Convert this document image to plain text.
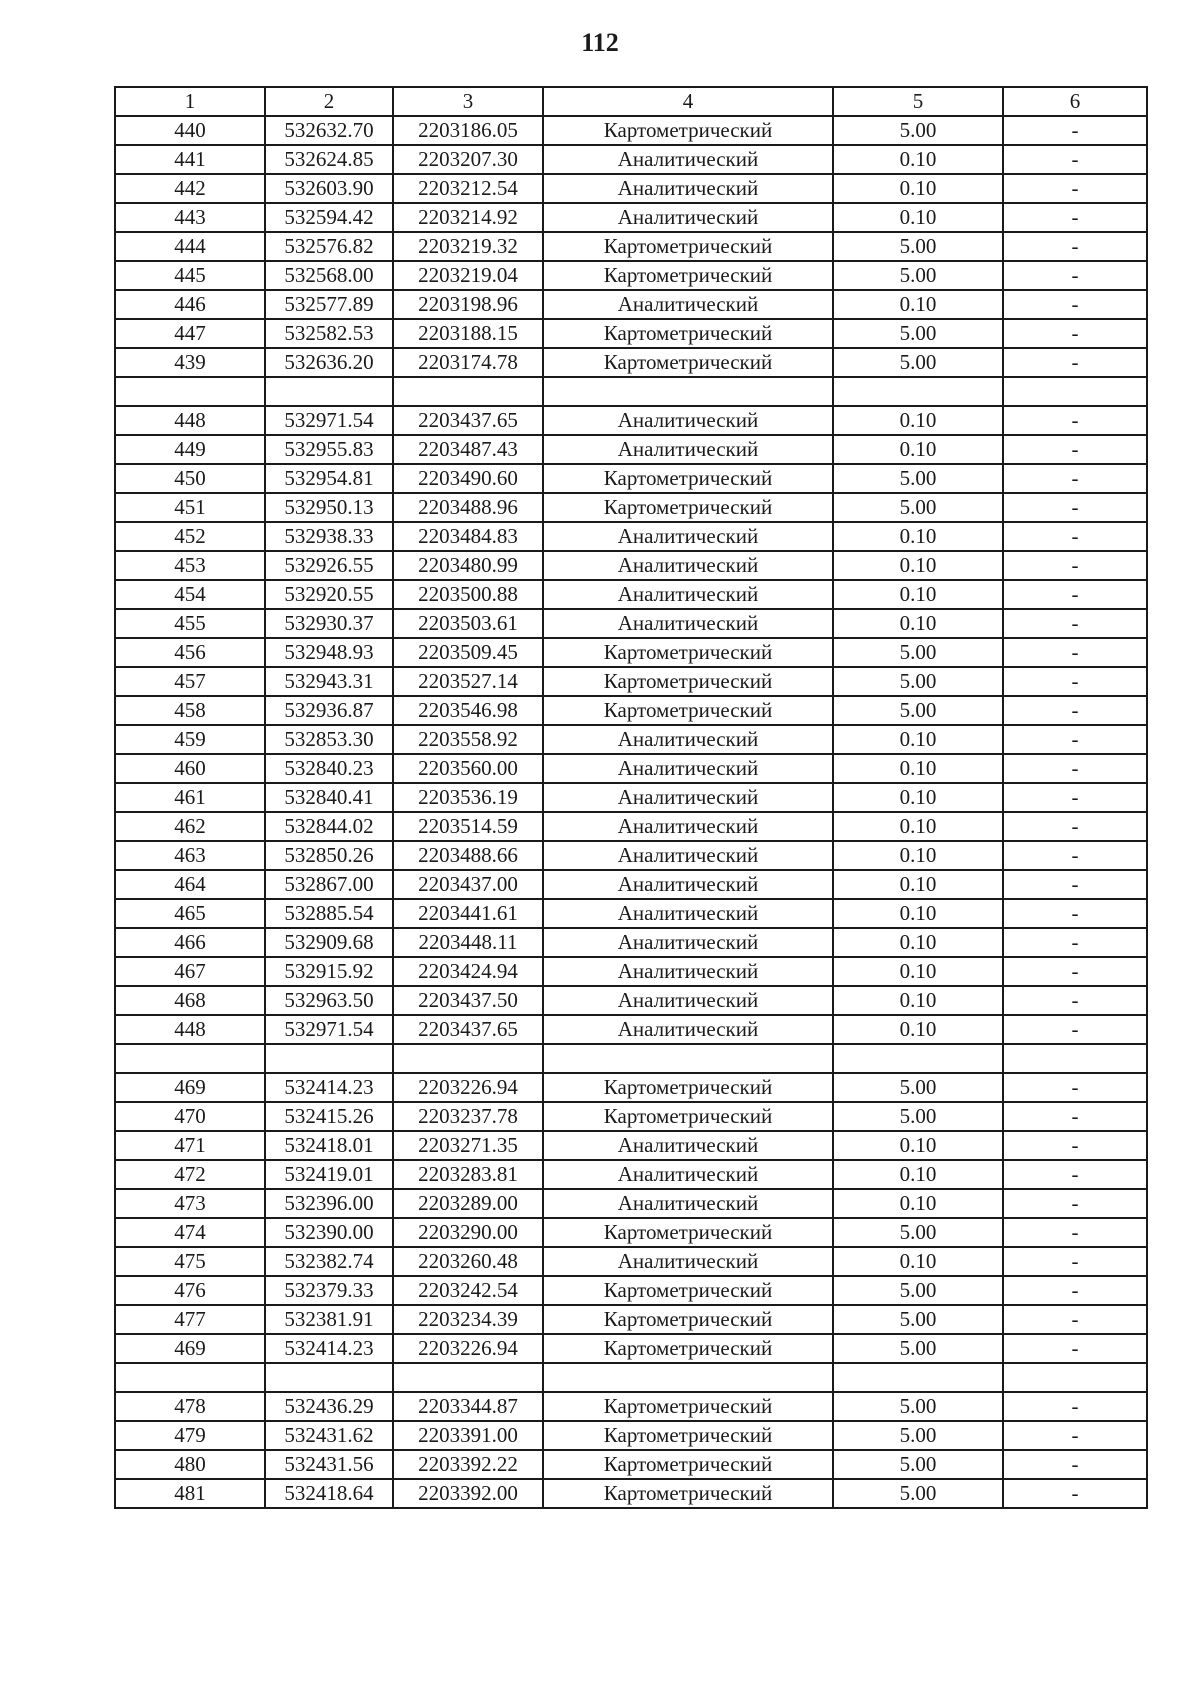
112
1	2	3	4	5	6
440	532632.70	2203186.05	Картометрический	5.00	-
441	532624.85	2203207.30	Аналитический	0.10	-
442	532603.90	2203212.54	Аналитический	0.10	-
443	532594.42	2203214.92	Аналитический	0.10	-
444	532576.82	2203219.32	Картометрический	5.00	-
445	532568.00	2203219.04	Картометрический	5.00	-
446	532577.89	2203198.96	Аналитический	0.10	-
447	532582.53	2203188.15	Картометрический	5.00	-
439	532636.20	2203174.78	Картометрический	5.00	-

448	532971.54	2203437.65	Аналитический	0.10	-
449	532955.83	2203487.43	Аналитический	0.10	-
450	532954.81	2203490.60	Картометрический	5.00	-
451	532950.13	2203488.96	Картометрический	5.00	-
452	532938.33	2203484.83	Аналитический	0.10	-
453	532926.55	2203480.99	Аналитический	0.10	-
454	532920.55	2203500.88	Аналитический	0.10	-
455	532930.37	2203503.61	Аналитический	0.10	-
456	532948.93	2203509.45	Картометрический	5.00	-
457	532943.31	2203527.14	Картометрический	5.00	-
458	532936.87	2203546.98	Картометрический	5.00	-
459	532853.30	2203558.92	Аналитический	0.10	-
460	532840.23	2203560.00	Аналитический	0.10	-
461	532840.41	2203536.19	Аналитический	0.10	-
462	532844.02	2203514.59	Аналитический	0.10	-
463	532850.26	2203488.66	Аналитический	0.10	-
464	532867.00	2203437.00	Аналитический	0.10	-
465	532885.54	2203441.61	Аналитический	0.10	-
466	532909.68	2203448.11	Аналитический	0.10	-
467	532915.92	2203424.94	Аналитический	0.10	-
468	532963.50	2203437.50	Аналитический	0.10	-
448	532971.54	2203437.65	Аналитический	0.10	-

469	532414.23	2203226.94	Картометрический	5.00	-
470	532415.26	2203237.78	Картометрический	5.00	-
471	532418.01	2203271.35	Аналитический	0.10	-
472	532419.01	2203283.81	Аналитический	0.10	-
473	532396.00	2203289.00	Аналитический	0.10	-
474	532390.00	2203290.00	Картометрический	5.00	-
475	532382.74	2203260.48	Аналитический	0.10	-
476	532379.33	2203242.54	Картометрический	5.00	-
477	532381.91	2203234.39	Картометрический	5.00	-
469	532414.23	2203226.94	Картометрический	5.00	-

478	532436.29	2203344.87	Картометрический	5.00	-
479	532431.62	2203391.00	Картометрический	5.00	-
480	532431.56	2203392.22	Картометрический	5.00	-
481	532418.64	2203392.00	Картометрический	5.00	-
